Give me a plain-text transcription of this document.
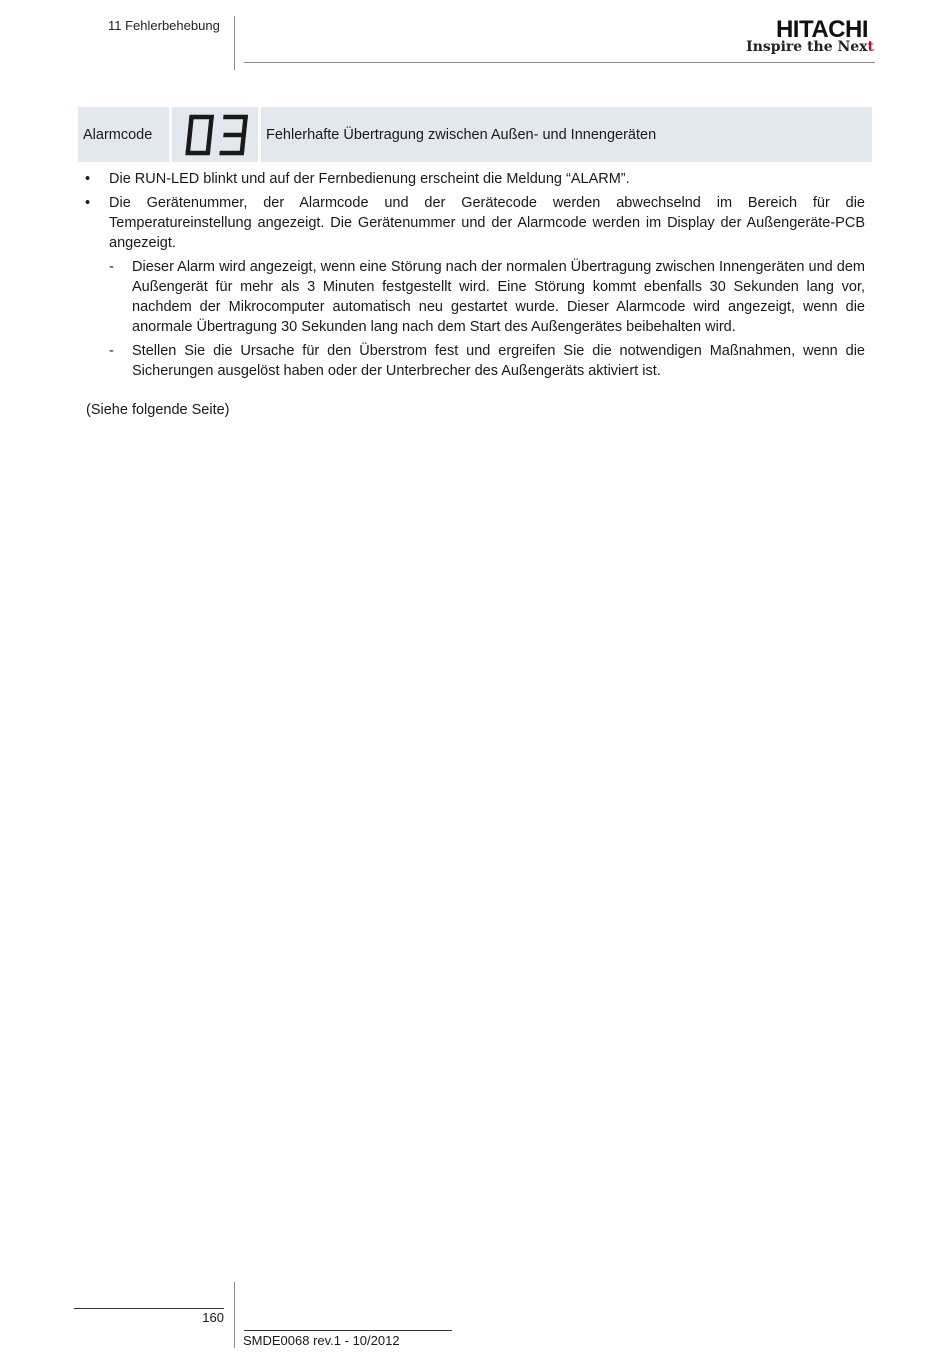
11 Fehlerbehebung	HITACHI
Inspire the Next
Alarmcode	Fehlerhafte Übertragung zwischen Außen- und Innengeräten
• Die RUN-LED blinkt und auf der Fernbedienung erscheint die Meldung “ALARM”.
• Die Gerätenummer, der Alarmcode und der Gerätecode werden abwechselnd im Bereich für die Temperatureinstellung angezeigt. Die Gerätenummer und der Alarmcode werden im Display der Außengeräte-PCB angezeigt.
- Dieser Alarm wird angezeigt, wenn eine Störung nach der normalen Übertragung zwischen Innengeräten und dem Außengerät für mehr als 3 Minuten festgestellt wird. Eine Störung kommt ebenfalls 30 Sekunden lang vor, nachdem der Mikrocomputer automatisch neu gestartet wurde. Dieser Alarmcode wird angezeigt, wenn die anormale Übertragung 30 Sekunden lang nach dem Start des Außengerätes beibehalten wird.
- Stellen Sie die Ursache für den Überstrom fest und ergreifen Sie die notwendigen Maßnahmen, wenn die Sicherungen ausgelöst haben oder der Unterbrecher des Außengeräts aktiviert ist.
(Siehe folgende Seite)
160
SMDE0068 rev.1 - 10/2012
